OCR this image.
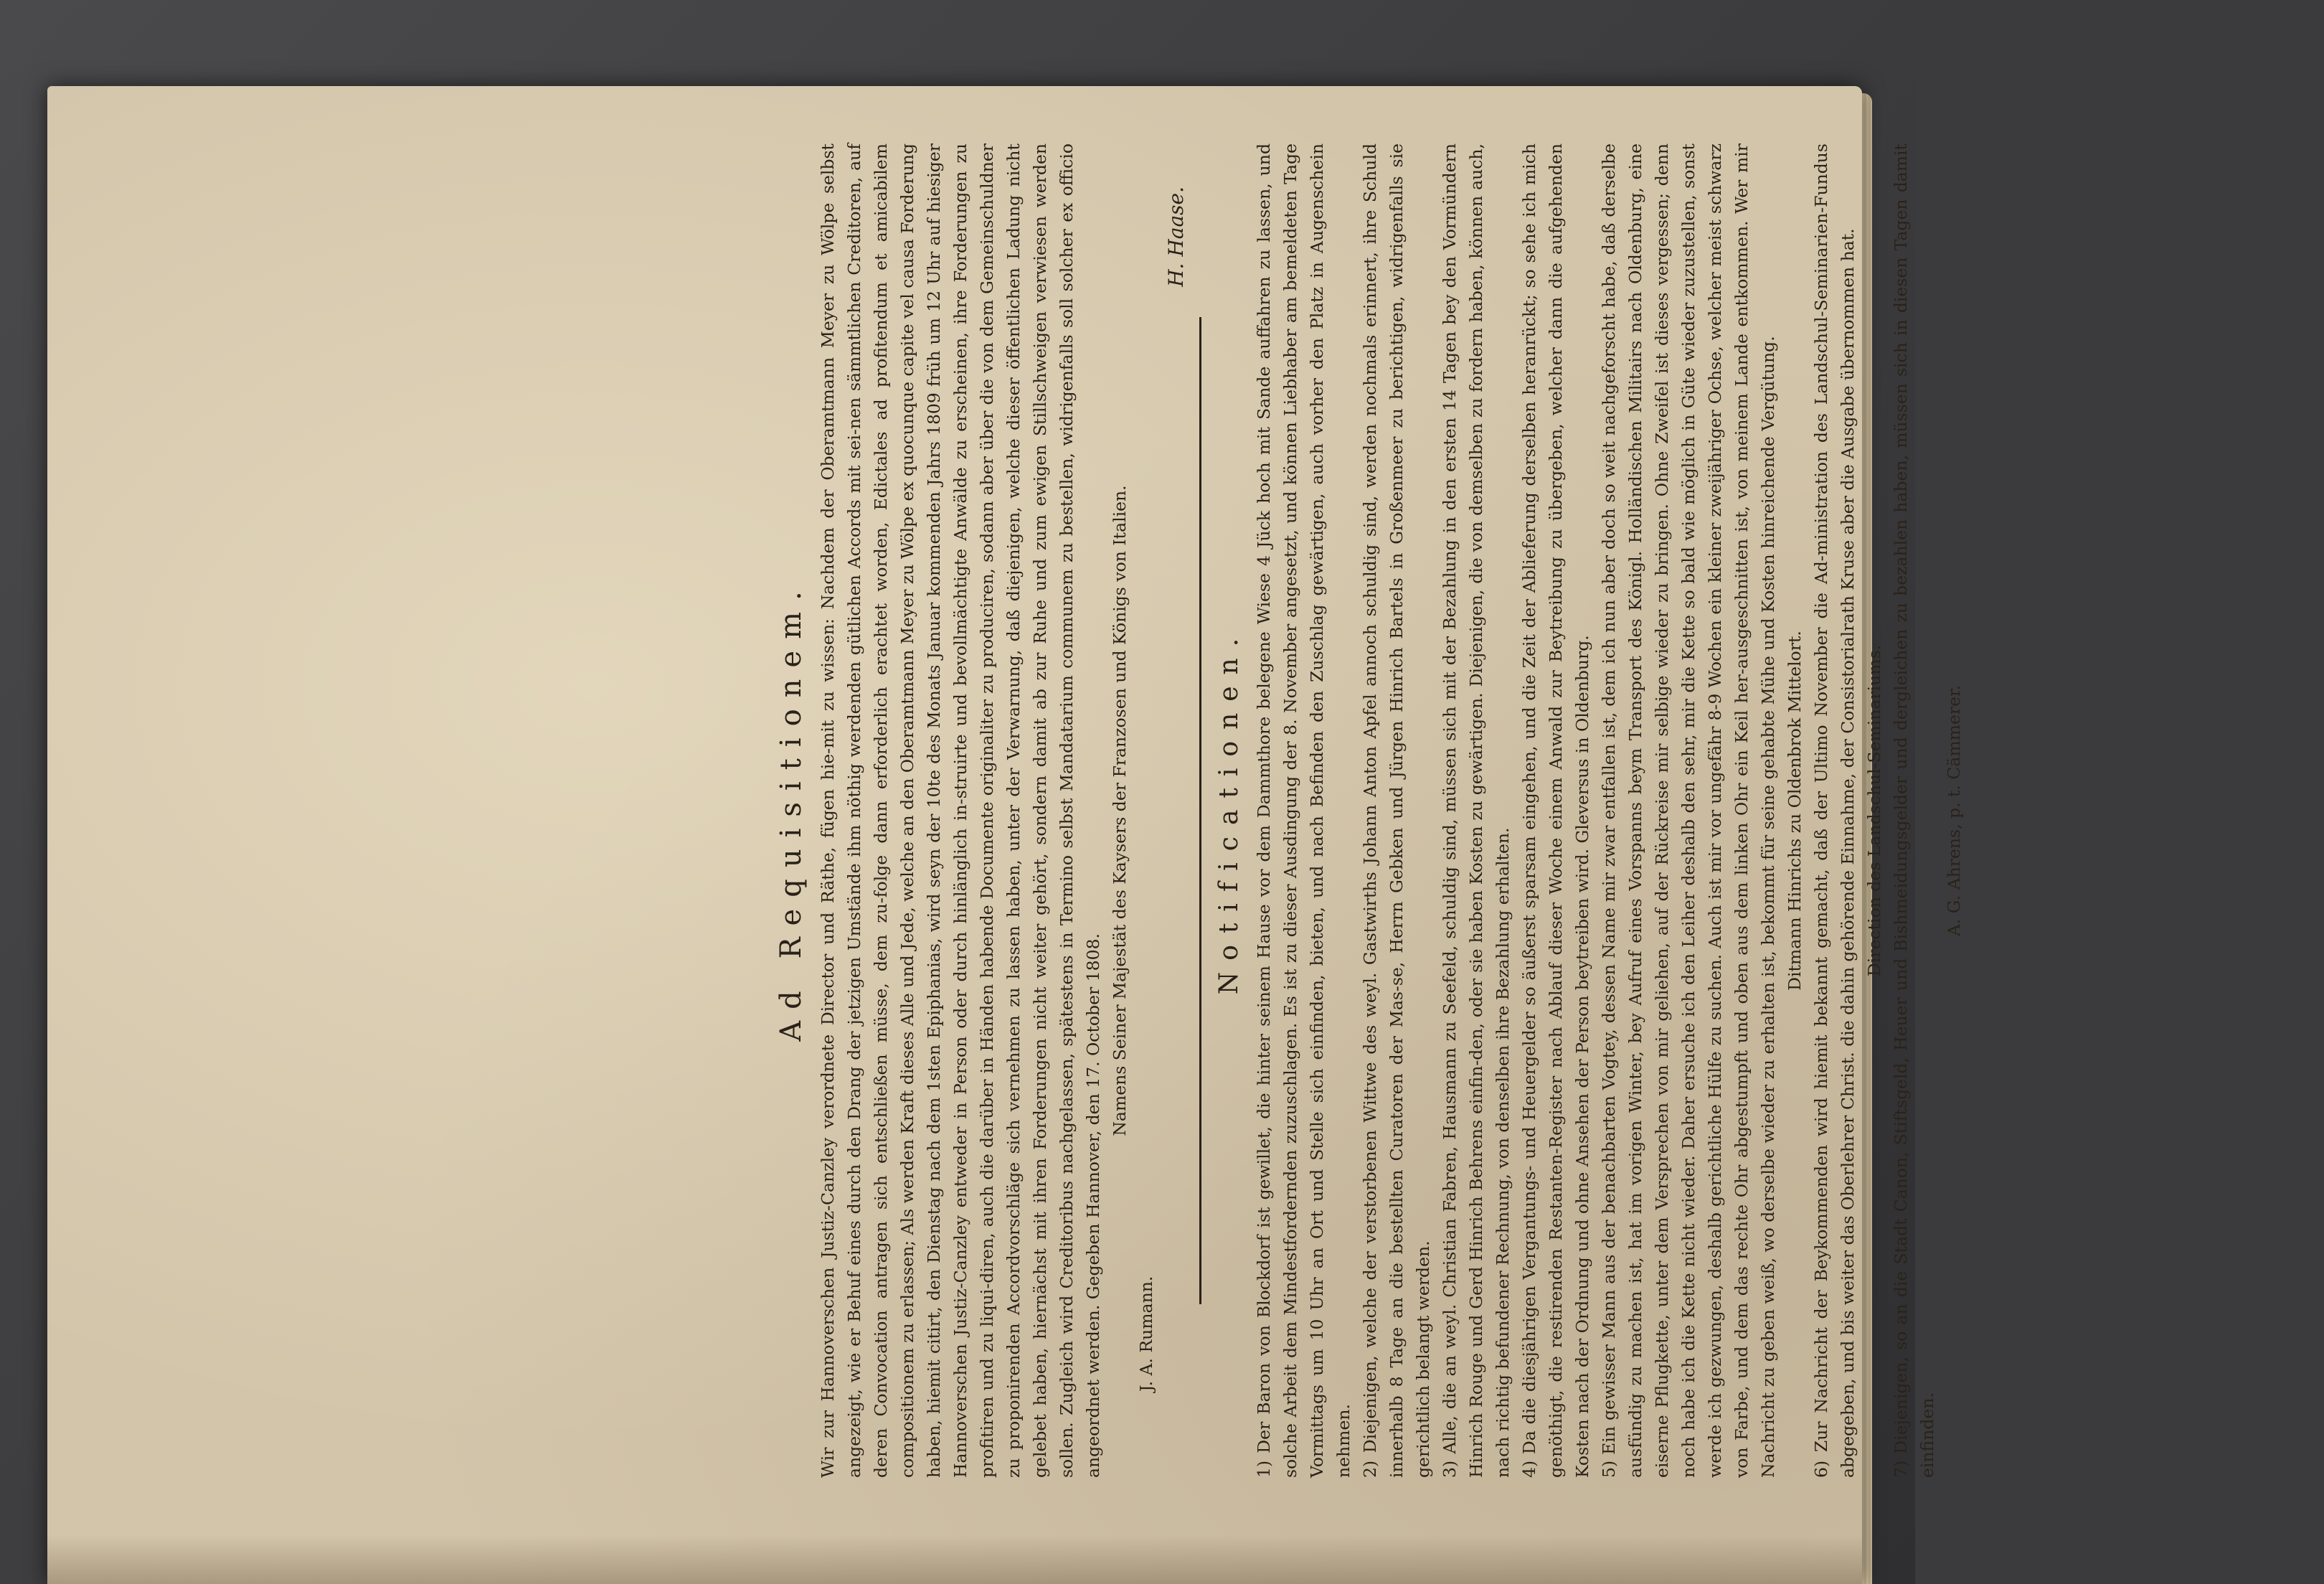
Ad Requisitionem. Wir zur Hannoverschen Justiz-Canzley verordnete Director und Räthe, fügen hie-mit zu wissen: Nachdem der Oberamtmann Meyer zu Wölpe selbst angezeigt, wie er Behuf eines durch den Drang der jetzigen Umstände ihm nöthig werdenden gütlichen Accords mit sei-nen sämmtlichen Creditoren, auf deren Convocation antragen sich entschließen müsse, dem zu-folge dann erforderlich erachtet worden, Edictales ad profitendum et amicabilem compositionem zu erlassen; Als werden Kraft dieses Alle und Jede, welche an den Oberamtmann Meyer zu Wölpe ex quocunque capite vel causa Forderung haben, hiemit citirt, den Dienstag nach dem 1sten Epiphanias, wird seyn der 10te des Monats Januar kommenden Jahrs 1809 früh um 12 Uhr auf hiesiger Hannoverschen Justiz-Canzley entweder in Person oder durch hinlänglich in-struirte und bevollmächtigte Anwälde zu erscheinen, ihre Forderungen zu profitiren und zu liqui-diren, auch die darüber in Händen habende Documente originaliter zu produciren, sodann aber über die von dem Gemeinschuldner zu proponirenden Accordvorschläge sich vernehmen zu lassen haben, unter der Verwarnung, daß diejenigen, welche dieser öffentlichen Ladung nicht gelebet haben, hiernächst mit ihren Forderungen nicht weiter gehört, sondern damit ab zur Ruhe und zum ewigen Stillschweigen verwiesen werden sollen. Zugleich wird Creditoribus nachgelassen, spätestens in Termino selbst Mandatarium communem zu bestellen, widrigenfalls soll solcher ex officio angeordnet werden. Gegeben Hannover, den 17. October 1808.

Namens Seiner Majestät des Kaysers der Franzosen und Königs von Italien.

J. A. Rumann.

H. Haase.

Notificationen. 1) Der Baron von Blockdorf ist gewillet, die hinter seinem Hause vor dem Dammthore belegene Wiese 4 Jück hoch mit Sande auffahren zu lassen, und solche Arbeit dem Mindestfordernden zuzuschlagen. Es ist zu dieser Ausdingung der 8. November angesetzt, und können Liebhaber am bemeldeten Tage Vormittags um 10 Uhr an Ort und Stelle sich einfinden, bieten, und nach Befinden den Zuschlag gewärtigen, auch vorher den Platz in Augenschein nehmen. 2) Diejenigen, welche der verstorbenen Wittwe des weyl. Gastwirths Johann Anton Apfel annoch schuldig sind, werden nochmals erinnert, ihre Schuld innerhalb 8 Tage an die bestellten Curatoren der Mas-se, Herrn Gebken und Jürgen Hinrich Bartels in Großenmeer zu berichtigen, widrigenfalls sie gerichtlich belangt werden. 3) Alle, die an weyl. Christian Fabren, Hausmann zu Seefeld, schuldig sind, müssen sich mit der Bezahlung in den ersten 14 Tagen bey den Vormündern Hinrich Rouge und Gerd Hinrich Behrens einfin-den, oder sie haben Kosten zu gewärtigen. Diejenigen, die von demselben zu fordern haben, können auch, nach richtig befundener Rechnung, von denselben ihre Bezahlung erhalten. 4) Da die diesjährigen Vergantungs- und Heuergelder so äußerst sparsam eingehen, und die Zeit der Ablieferung derselben heranrückt; so sehe ich mich genöthigt, die restirenden Restanten-Register nach Ablauf dieser Woche einem Anwald zur Beytreibung zu übergeben, welcher dann die aufgehenden Kosten nach der Ordnung und ohne Ansehen der Person beytreiben wird. Gleversus in Oldenburg. 5) Ein gewisser Mann aus der benachbarten Vogtey, dessen Name mir zwar entfallen ist, dem ich nun aber doch so weit nachgeforscht habe, daß derselbe ausfündig zu machen ist, hat im vorigen Winter, bey Aufruf eines Vorspanns beym Transport des Königl. Holländischen Militairs nach Oldenburg, eine eiserne Pflugkette, unter dem Versprechen von mir geliehen, auf der Rückreise mir selbige wieder zu bringen. Ohne Zweifel ist dieses vergessen; denn noch habe ich die Kette nicht wieder. Daher ersuche ich den Leiher deshalb den sehr, mir die Kette so bald wie möglich in Güte wieder zuzustellen, sonst werde ich gezwungen, deshalb gerichtliche Hülfe zu suchen. Auch ist mir vor ungefähr 8-9 Wochen ein kleiner zweijähriger Ochse, welcher meist schwarz von Farbe, und dem das rechte Ohr abgestumpft und oben aus dem linken Ohr ein Keil her-ausgeschnitten ist, von meinem Lande entkommen. Wer mir Nachricht zu geben weiß, wo derselbe wieder zu erhalten ist, bekommt für seine gehabte Mühe und Kosten hinreichende Vergütung. Ditmann Hinrichs zu Oldenbrok Mittelort. 6) Zur Nachricht der Beykommenden wird hiemit bekannt gemacht, daß der Ultimo November die Ad-ministration des Landschul-Seminarien-Fundus abgegeben, und bis weiter das Oberlehrer Christ. die dahin gehörende Einnahme, der Consistorialrath Kruse aber die Ausgabe übernommen hat. Direction des Landschul-Seminariums. 7) Diejenigen, so an die Stadt Canon, Stiftsgeld, Heuer und Bishmeidungsgelder und dergleichen zu bezahlen haben, müssen sich in diesen Tagen damit einfinden.

A. G. Ahrens, p. t. Cämmerer.
